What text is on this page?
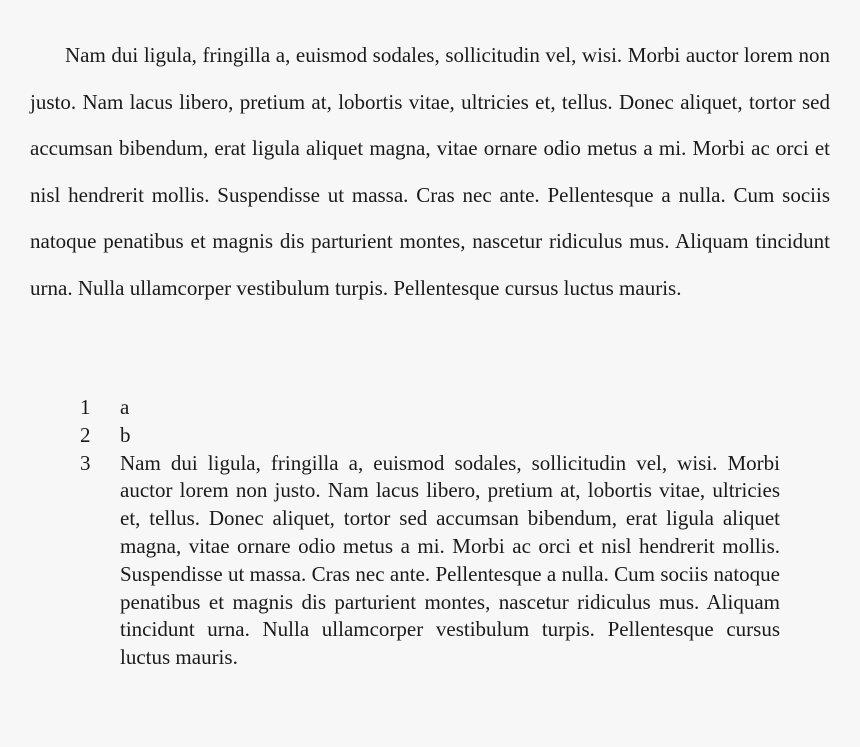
Nam dui ligula, fringilla a, euismod sodales, sollicitudin vel, wisi. Morbi auctor lorem non justo. Nam lacus libero, pretium at, lobortis vitae, ultricies et, tellus. Donec aliquet, tortor sed accumsan bibendum, erat ligula aliquet magna, vitae ornare odio metus a mi. Morbi ac orci et nisl hendrerit mollis. Suspendisse ut massa. Cras nec ante. Pellentesque a nulla. Cum sociis natoque penatibus et magnis dis parturient montes, nascetur ridiculus mus. Aliquam tincidunt urna. Nulla ullamcorper vestibulum turpis. Pellentesque cursus luctus mauris.

1	a
2	b
3	Nam dui ligula, fringilla a, euismod sodales, sollicitudin vel, wisi. Morbi auctor lorem non justo. Nam lacus libero, pretium at, lobortis vitae, ultricies et, tellus. Donec aliquet, tortor sed accumsan bibendum, erat ligula aliquet magna, vitae ornare odio metus a mi. Morbi ac orci et nisl hendrerit mollis. Suspendisse ut massa. Cras nec ante. Pellentesque a nulla. Cum sociis natoque penatibus et magnis dis parturient montes, nascetur ridiculus mus. Aliquam tincidunt urna. Nulla ullamcorper vestibulum turpis. Pellentesque cursus luctus mauris.
